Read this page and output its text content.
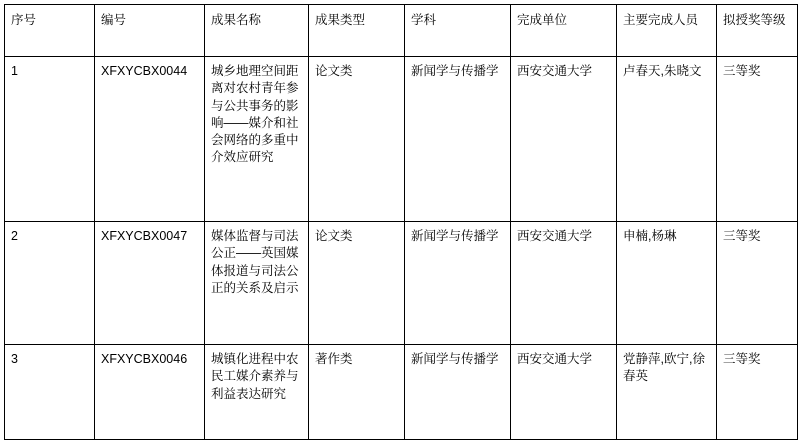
序号	编号	成果名称	成果类型	学科	完成单位	主要完成人员	拟授奖等级
1	XFXYCBX0044	城乡地理空间距离对农村青年参与公共事务的影响——媒介和社会网络的多重中介效应研究	论文类	新闻学与传播学	西安交通大学	卢春天,朱晓文	三等奖
2	XFXYCBX0047	媒体监督与司法公正——英国媒体报道与司法公正的关系及启示	论文类	新闻学与传播学	西安交通大学	申楠,杨琳	三等奖
3	XFXYCBX0046	城镇化进程中农民工媒介素养与利益表达研究	著作类	新闻学与传播学	西安交通大学	党静萍,欧宁,徐春英	三等奖
